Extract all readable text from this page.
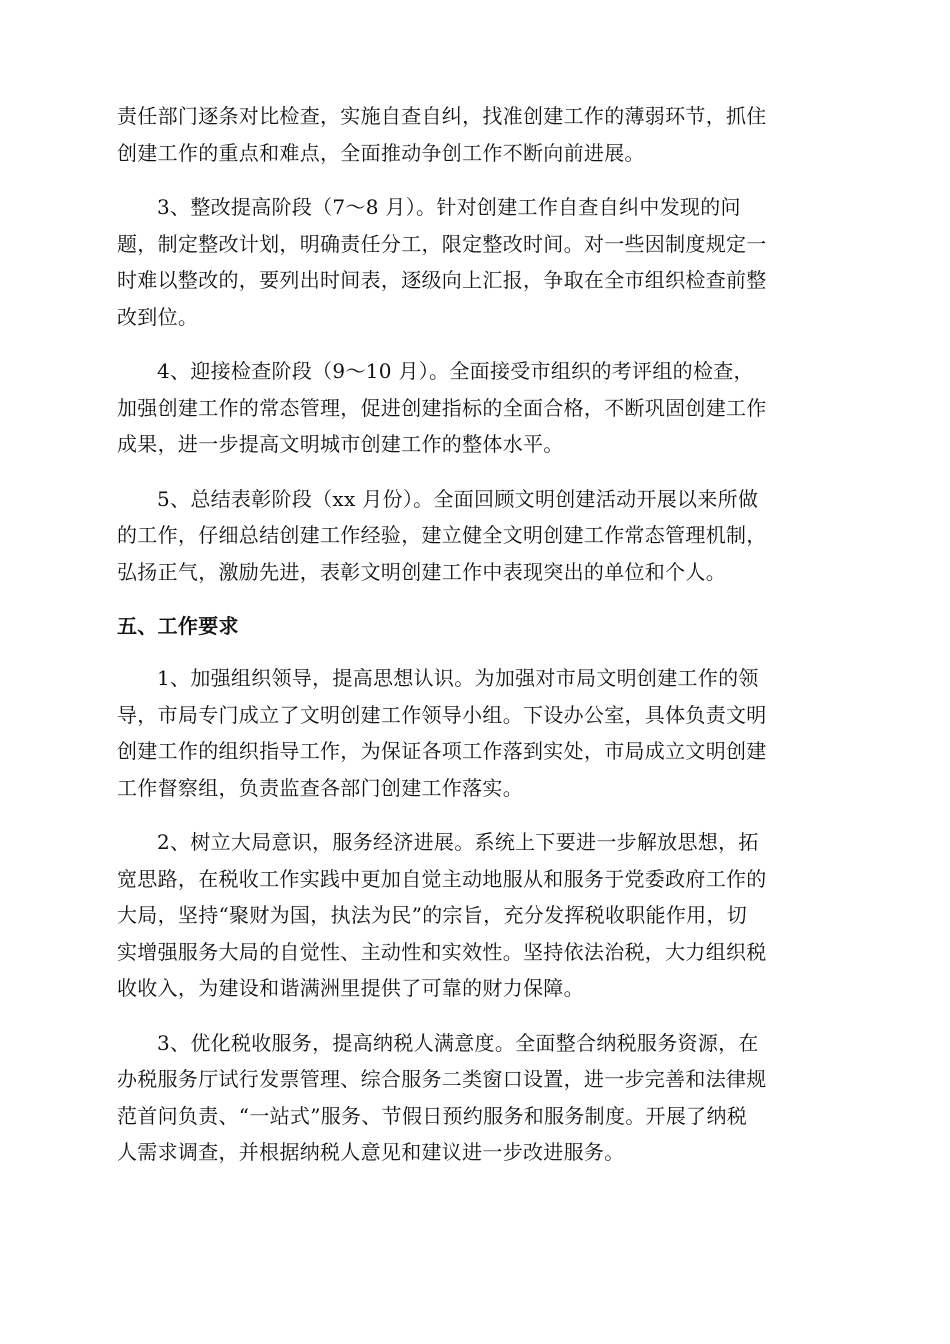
责任部门逐条对比检查，实施自查自纠，找准创建工作的薄弱环节，抓住
创建工作的重点和难点，全面推动争创工作不断向前进展。

3、整改提高阶段（7～8 月）。针对创建工作自查自纠中发现的问
题，制定整改计划，明确责任分工，限定整改时间。对一些因制度规定一
时难以整改的，要列出时间表，逐级向上汇报，争取在全市组织检查前整
改到位。

4、迎接检查阶段（9～10 月）。全面接受市组织的考评组的检查，
加强创建工作的常态管理，促进创建指标的全面合格，不断巩固创建工作
成果，进一步提高文明城市创建工作的整体水平。

5、总结表彰阶段（xx 月份）。全面回顾文明创建活动开展以来所做
的工作，仔细总结创建工作经验，建立健全文明创建工作常态管理机制，
弘扬正气，激励先进，表彰文明创建工作中表现突出的单位和个人。

五、工作要求

1、加强组织领导，提高思想认识。为加强对市局文明创建工作的领
导，市局专门成立了文明创建工作领导小组。下设办公室，具体负责文明
创建工作的组织指导工作，为保证各项工作落到实处，市局成立文明创建
工作督察组，负责监查各部门创建工作落实。

2、树立大局意识，服务经济进展。系统上下要进一步解放思想，拓
宽思路，在税收工作实践中更加自觉主动地服从和服务于党委政府工作的
大局，坚持“聚财为国，执法为民”的宗旨，充分发挥税收职能作用，切
实增强服务大局的自觉性、主动性和实效性。坚持依法治税，大力组织税
收收入，为建设和谐满洲里提供了可靠的财力保障。

3、优化税收服务，提高纳税人满意度。全面整合纳税服务资源，在
办税服务厅试行发票管理、综合服务二类窗口设置，进一步完善和法律规
范首问负责、“一站式”服务、节假日预约服务和服务制度。开展了纳税
人需求调查，并根据纳税人意见和建议进一步改进服务。
